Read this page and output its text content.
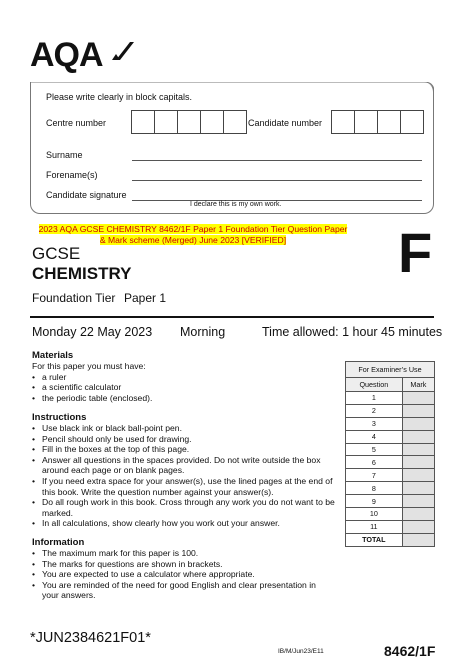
AQA
Please write clearly in block capitals.
Centre number	Candidate number
Surname
Forename(s)
Candidate signature
I declare this is my own work.
2023 AQA GCSE CHEMISTRY 8462/1F Paper 1 Foundation Tier Question Paper & Mark scheme (Merged) June 2023 [VERIFIED]
GCSE
CHEMISTRY	F
Foundation Tier Paper 1
Monday 22 May 2023 Morning	Time allowed: 1 hour 45 minutes
Materials
For this paper you must have:
• a ruler
• a scientific calculator
• the periodic table (enclosed).
Instructions
• Use black ink or black ball-point pen.
• Pencil should only be used for drawing.
• Fill in the boxes at the top of this page.
• Answer all questions in the spaces provided. Do not write outside the box around each page or on blank pages.
• If you need extra space for your answer(s), use the lined pages at the end of this book. Write the question number against your answer(s).
• Do all rough work in this book. Cross through any work you do not want to be marked.
• In all calculations, show clearly how you work out your answer.
Information
• The maximum mark for this paper is 100.
• The marks for questions are shown in brackets.
• You are expected to use a calculator where appropriate.
• You are reminded of the need for good English and clear presentation in your answers.
For Examiner’s Use	
Question	Mark
1	
2	
3	
4	
5	
6	
7	
8	
9	
10	
11	
TOTAL	
*JUN2384621F01*
IB/M/Jun23/E11	8462/1F
